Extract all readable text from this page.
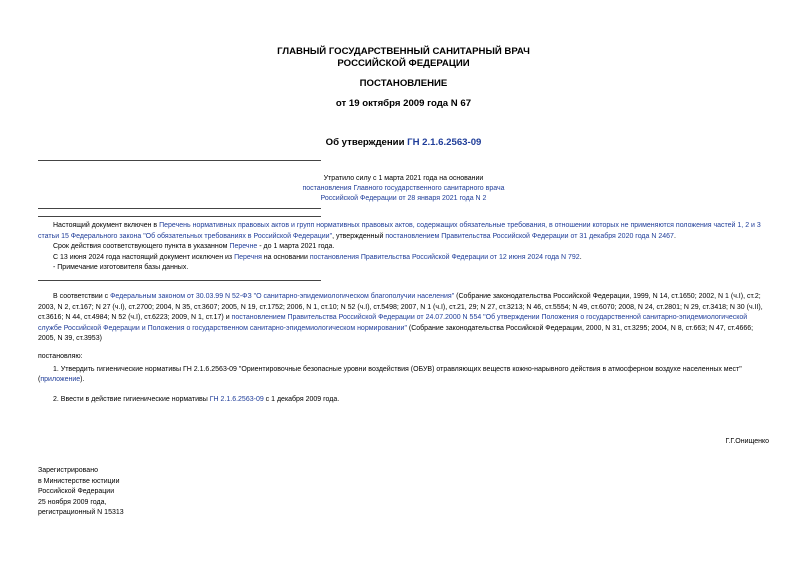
ГЛАВНЫЙ ГОСУДАРСТВЕННЫЙ САНИТАРНЫЙ ВРАЧ
РОССИЙСКОЙ ФЕДЕРАЦИИ
ПОСТАНОВЛЕНИЕ
от 19 октября 2009 года N 67
Об утверждении ГН 2.1.6.2563-09
Утратило силу с 1 марта 2021 года на основании
постановления Главного государственного санитарного врача
Российской Федерации от 28 января 2021 года N 2

Настоящий документ включен в Перечень нормативных правовых актов и групп нормативных правовых актов, содержащих обязательные требования, в отношении которых не применяются положения частей 1, 2 и 3 статьи 15 Федерального закона "Об обязательных требованиях в Российской Федерации", утвержденный постановлением Правительства Российской Федерации от 31 декабря 2020 года N 2467.

Срок действия соответствующего пункта в указанном Перечне - до 1 марта 2021 года.

С 13 июня 2024 года настоящий документ исключен из Перечня на основании постановления Правительства Российской Федерации от 12 июня 2024 года N 792.

- Примечание изготовителя базы данных.

В соответствии с Федеральным законом от 30.03.99 N 52-ФЗ "О санитарно-эпидемиологическом благополучии населения" (Собрание законодательства Российской Федерации, 1999, N 14, ст.1650; 2002, N 1 (ч.I), ст.2; 2003, N 2, ст.167; N 27 (ч.I), ст.2700; 2004, N 35, ст.3607; 2005, N 19, ст.1752; 2006, N 1, ст.10; N 52 (ч.I), ст.5498; 2007, N 1 (ч.I), ст.21, 29; N 27, ст.3213; N 46, ст.5554; N 49, ст.6070; 2008, N 24, ст.2801; N 29, ст.3418; N 30 (ч.II), ст.3616; N 44, ст.4984; N 52 (ч.I), ст.6223; 2009, N 1, ст.17) и постановлением Правительства Российской Федерации от 24.07.2000 N 554 "Об утверждении Положения о государственной санитарно-эпидемиологической службе Российской Федерации и Положения о государственном санитарно-эпидемиологическом нормировании" (Собрание законодательства Российской Федерации, 2000, N 31, ст.3295; 2004, N 8, ст.663; N 47, ст.4666; 2005, N 39, ст.3953)

постановляю:

1. Утвердить гигиенические нормативы ГН 2.1.6.2563-09 "Ориентировочные безопасные уровни воздействия (ОБУВ) отравляющих веществ кожно-нарывного действия в атмосферном воздухе населенных мест" (приложение).

2. Ввести в действие гигиенические нормативы ГН 2.1.6.2563-09 с 1 декабря 2009 года.

Г.Г.Онищенко
Зарегистрировано
в Министерстве юстиции
Российской Федерации
25 ноября 2009 года,
регистрационный N 15313
